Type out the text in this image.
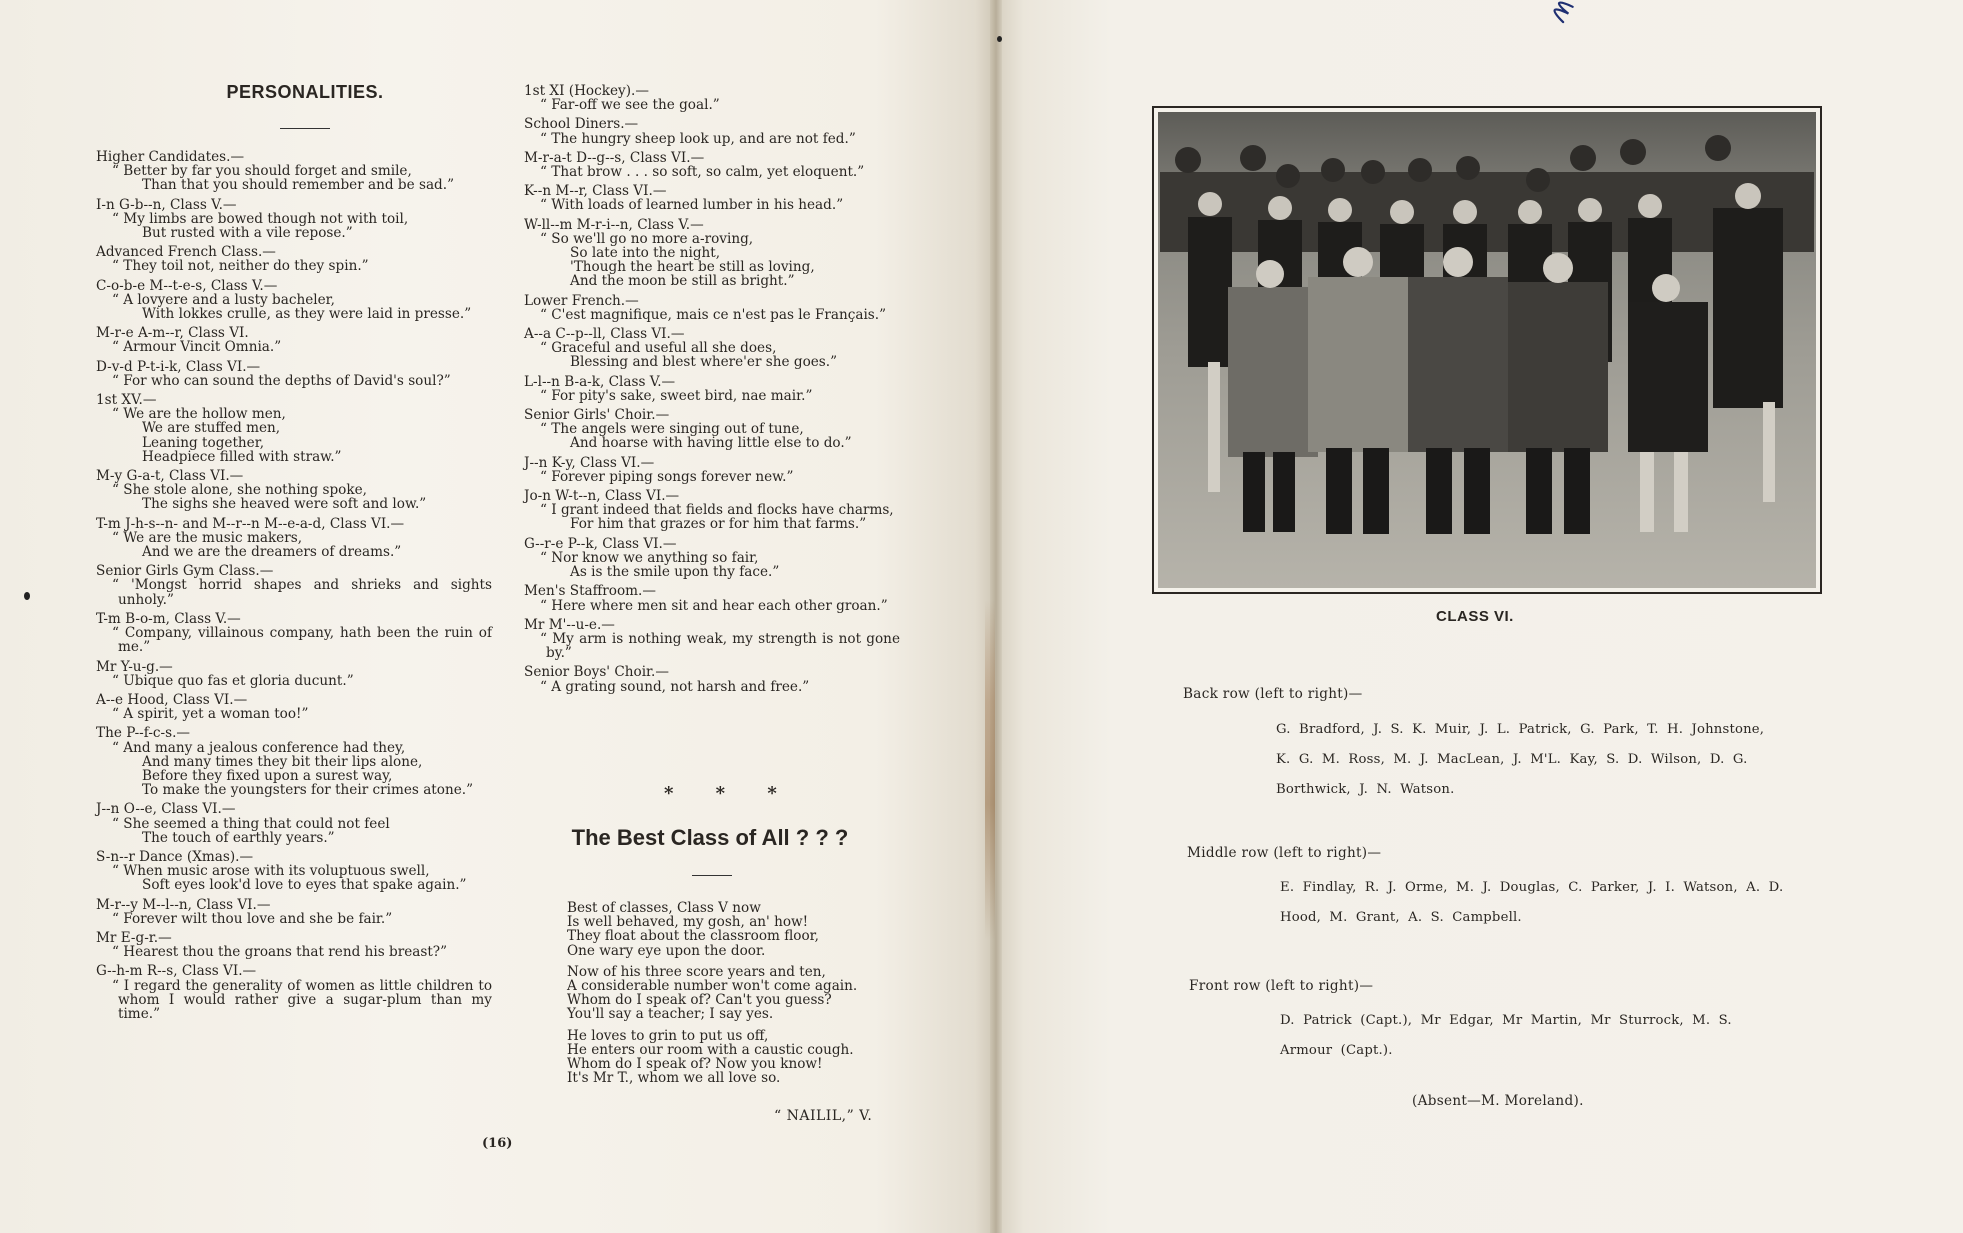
PERSONALITIES.
Higher Candidates.—
“ Better by far you should forget and smile,
Than that you should remember and be sad.”
I-n G-b--n, Class V.—
“ My limbs are bowed though not with toil,
But rusted with a vile repose.”
Advanced French Class.—
“ They toil not, neither do they spin.”
C-o-b-e M--t-e-s, Class V.—
“ A lovyere and a lusty bacheler,
With lokkes crulle, as they were laid in presse.”
M-r-e A-m--r, Class VI.
“ Armour Vincit Omnia.”
D-v-d P-t-i-k, Class VI.—
“ For who can sound the depths of David's soul?”
1st XV.—
“ We are the hollow men,
We are stuffed men,
Leaning together,
Headpiece filled with straw.”
M-y G-a-t, Class VI.—
“ She stole alone, she nothing spoke,
The sighs she heaved were soft and low.”
T-m J-h-s--n- and M--r--n M--e-a-d, Class VI.—
“ We are the music makers,
And we are the dreamers of dreams.”
Senior Girls Gym Class.—
“ 'Mongst horrid shapes and shrieks and sights unholy.”
T-m B-o-m, Class V.—
“ Company, villainous company, hath been the ruin of me.”
Mr Y-u-g.—
“ Ubique quo fas et gloria ducunt.”
A--e Hood, Class VI.—
“ A spirit, yet a woman too!”
The P--f-c-s.—
“ And many a jealous conference had they,
And many times they bit their lips alone,
Before they fixed upon a surest way,
To make the youngsters for their crimes atone.”
J--n O--e, Class VI.—
“ She seemed a thing that could not feel
The touch of earthly years.”
S-n--r Dance (Xmas).—
“ When music arose with its voluptuous swell,
Soft eyes look'd love to eyes that spake again.”
M-r--y M--l--n, Class VI.—
“ Forever wilt thou love and she be fair.”
Mr E-g-r.—
“ Hearest thou the groans that rend his breast?”
G--h-m R--s, Class VI.—
“ I regard the generality of women as little children to whom I would rather give a sugar-plum than my time.”
1st XI (Hockey).—
“ Far-off we see the goal.”
School Diners.—
“ The hungry sheep look up, and are not fed.”
M-r-a-t D--g--s, Class VI.—
“ That brow . . . so soft, so calm, yet eloquent.”
K--n M--r, Class VI.—
“ With loads of learned lumber in his head.”
W-ll--m M-r-i--n, Class V.—
“ So we'll go no more a-roving,
So late into the night,
'Though the heart be still as loving,
And the moon be still as bright.”
Lower French.—
“ C'est magnifique, mais ce n'est pas le Français.”
A--a C--p--ll, Class VI.—
“ Graceful and useful all she does,
Blessing and blest where'er she goes.”
L-l--n B-a-k, Class V.—
“ For pity's sake, sweet bird, nae mair.”
Senior Girls' Choir.—
“ The angels were singing out of tune,
And hoarse with having little else to do.”
J--n K-y, Class VI.—
“ Forever piping songs forever new.”
Jo-n W-t--n, Class VI.—
“ I grant indeed that fields and flocks have charms,
For him that grazes or for him that farms.”
G--r-e P--k, Class VI.—
“ Nor know we anything so fair,
As is the smile upon thy face.”
Men's Staffroom.—
“ Here where men sit and hear each other groan.”
Mr M'--u-e.—
“ My arm is nothing weak, my strength is not gone by.”
Senior Boys' Choir.—
“ A grating sound, not harsh and free.”
* * *
The Best Class of All ? ? ?
Best of classes, Class V now
Is well behaved, my gosh, an' how!
They float about the classroom floor,
One wary eye upon the door.
Now of his three score years and ten,
A considerable number won't come again.
Whom do I speak of? Can't you guess?
You'll say a teacher; I say yes.
He loves to grin to put us off,
He enters our room with a caustic cough.
Whom do I speak of? Now you know!
It's Mr T., whom we all love so.
“ NAILIL,” V.
(16)
CLASS VI.
Back row (left to right)—
G. Bradford, J. S. K. Muir, J. L. Patrick, G. Park, T. H. Johnstone,
K. G. M. Ross, M. J. MacLean, J. M'L. Kay, S. D. Wilson, D. G.
Borthwick, J. N. Watson.
Middle row (left to right)—
E. Findlay, R. J. Orme, M. J. Douglas, C. Parker, J. I. Watson, A. D.
Hood, M. Grant, A. S. Campbell.
Front row (left to right)—
D. Patrick (Capt.), Mr Edgar, Mr Martin, Mr Sturrock, M. S.
Armour (Capt.).
(Absent—M. Moreland).
